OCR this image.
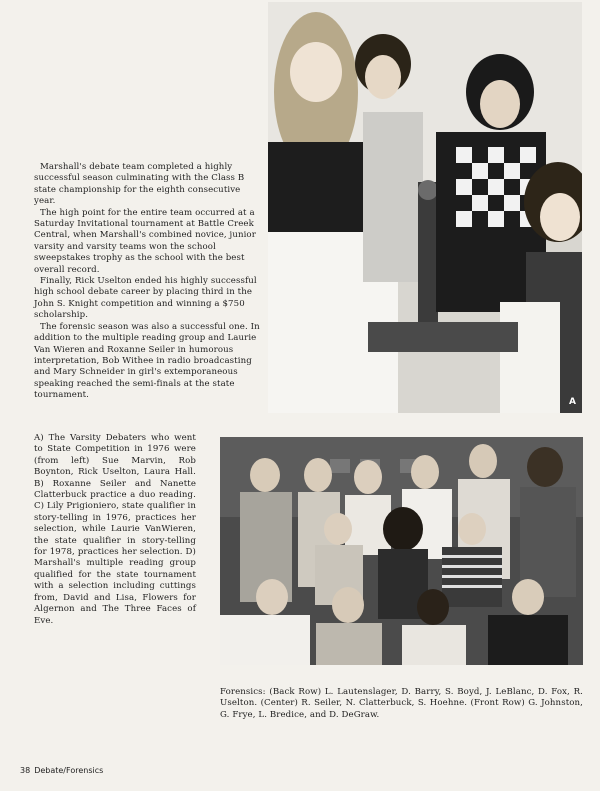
A

Marshall's debate team completed a highly successful season culminating with the Class B state championship for the eighth consecutive year.

The high point for the entire team occurred at a Saturday Invitational tournament at Battle Creek Central, when Marshall's combined novice, junior varsity and varsity teams won the school sweepstakes trophy as the school with the best overall record.

Finally, Rick Uselton ended his highly successful high school debate career by placing third in the John S. Knight competition and winning a $750 scholarship.

The forensic season was also a successful one. In addition to the multiple reading group and Laurie Van Wieren and Roxanne Seiler in humorous interpretation, Bob Withee in radio broadcasting and Mary Schneider in girl's extemporaneous speaking reached the semi-finals at the state tournament.

A) The Varsity Debaters who went to State Competition in 1976 were (from left) Sue Marvin, Rob Boynton, Rick Uselton, Laura Hall. B) Roxanne Seiler and Nanette Clatterbuck practice a duo reading. C) Lily Prigioniero, state qualifier in story-telling in 1976, practices her selection, while Laurie VanWieren, the state qualifier in story-telling for 1978, practices her selection. D) Marshall's multiple reading group qualified for the state tournament with a selection including cuttings from, David and Lisa, Flowers for Algernon and The Three Faces of Eve.
Forensics: (Back Row) L. Lautenslager, D. Barry, S. Boyd, J. LeBlanc, D. Fox, R. Uselton. (Center) R. Seiler, N. Clatterbuck, S. Hoehne. (Front Row) G. Johnston, G. Frye, L. Bredice, and D. DeGraw.
38 Debate/Forensics
